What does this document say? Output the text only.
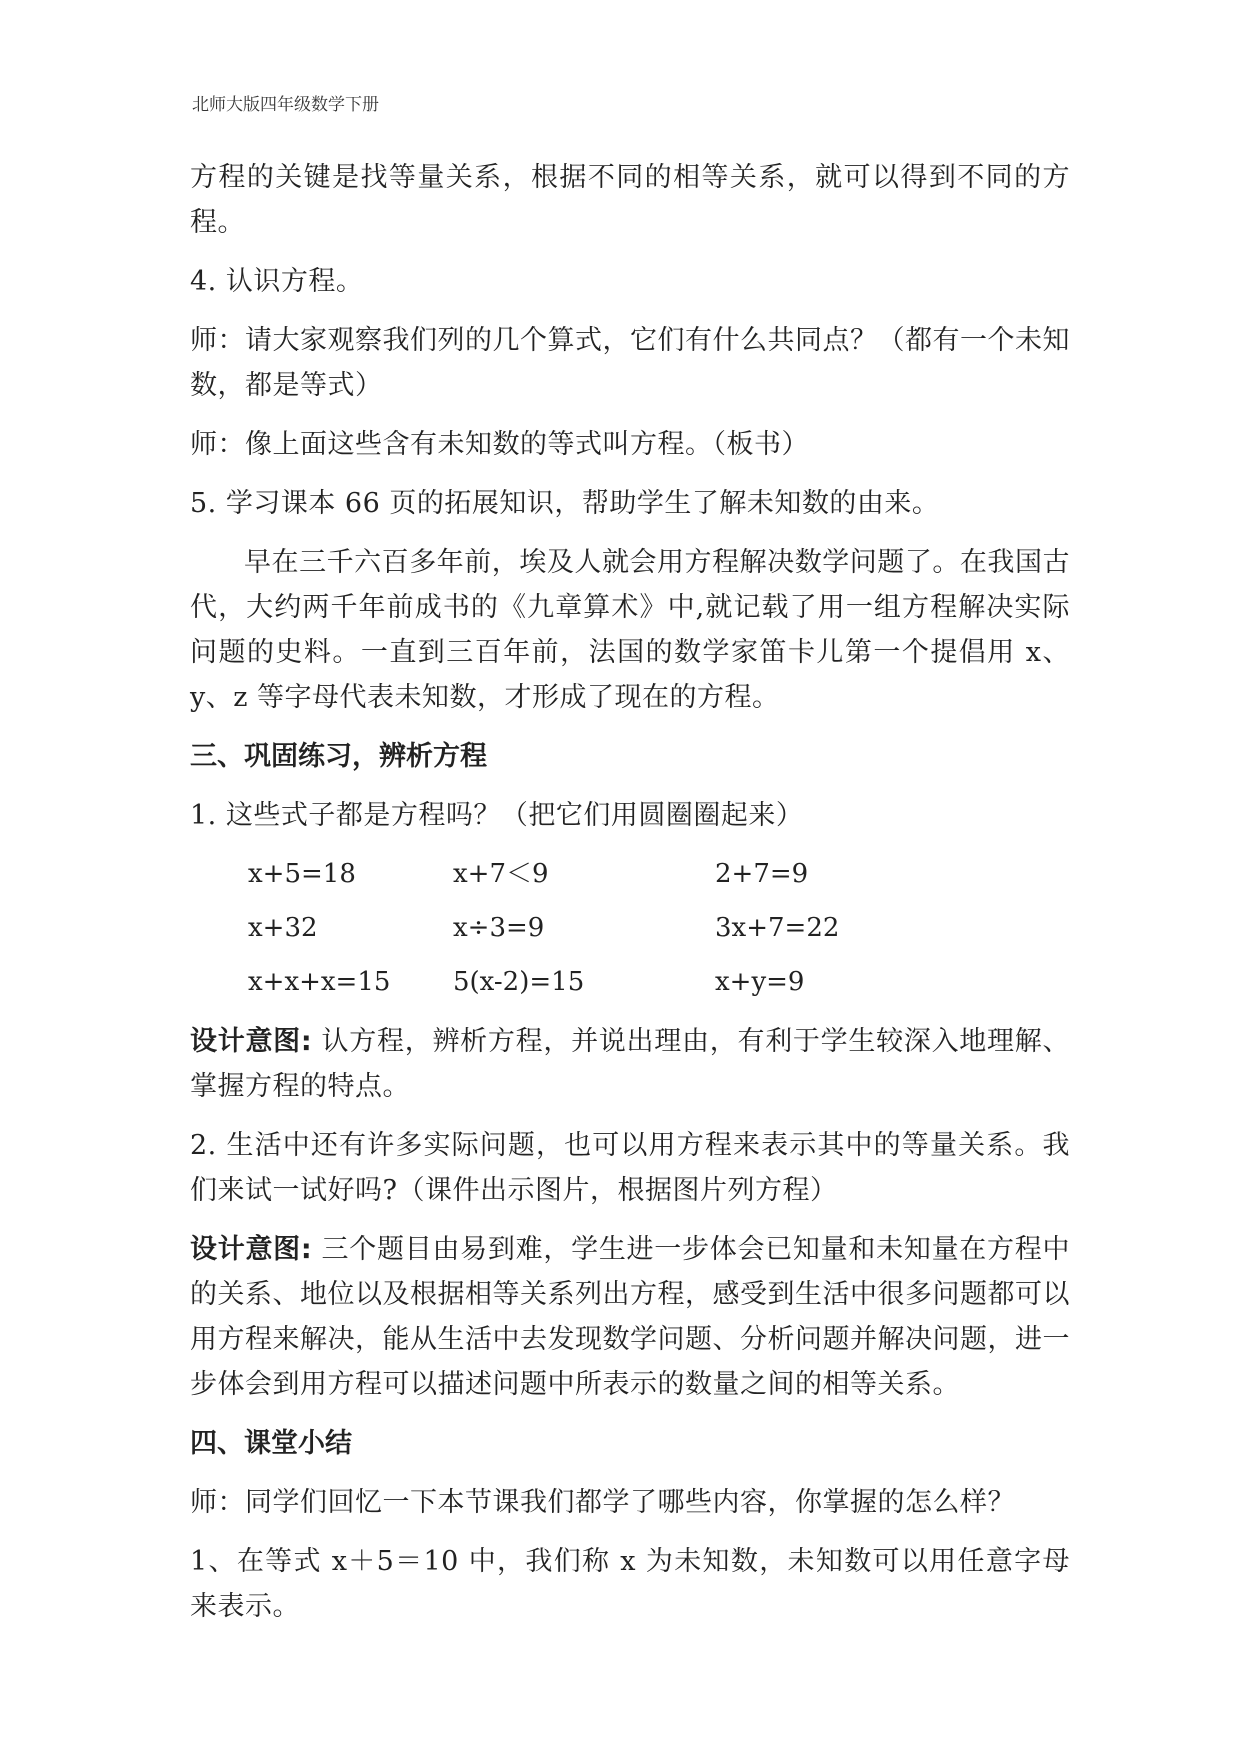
北师大版四年级数学下册

方程的关键是找等量关系，根据不同的相等关系，就可以得到不同的方程。

4. 认识方程。

师：请大家观察我们列的几个算式，它们有什么共同点？（都有一个未知数，都是等式）

师：像上面这些含有未知数的等式叫方程。（板书）

5. 学习课本 66 页的拓展知识，帮助学生了解未知数的由来。

早在三千六百多年前，埃及人就会用方程解决数学问题了。在我国古代，大约两千年前成书的《九章算术》中,就记载了用一组方程解决实际问题的史料。一直到三百年前，法国的数学家笛卡儿第一个提倡用 x、y、z 等字母代表未知数，才形成了现在的方程。

三、巩固练习，辨析方程

1. 这些式子都是方程吗？（把它们用圆圈圈起来）

x+5=18	x+7＜9	2+7=9
x+32	x÷3=9	3x+7=22
x+x+x=15	5(x-2)=15	x+y=9

设计意图: 认方程，辨析方程，并说出理由，有利于学生较深入地理解、掌握方程的特点。

2. 生活中还有许多实际问题，也可以用方程来表示其中的等量关系。我们来试一试好吗?（课件出示图片，根据图片列方程）

设计意图: 三个题目由易到难，学生进一步体会已知量和未知量在方程中的关系、地位以及根据相等关系列出方程，感受到生活中很多问题都可以用方程来解决，能从生活中去发现数学问题、分析问题并解决问题，进一步体会到用方程可以描述问题中所表示的数量之间的相等关系。

四、课堂小结

师：同学们回忆一下本节课我们都学了哪些内容，你掌握的怎么样？

1、在等式 x＋5＝10 中，我们称 x 为未知数，未知数可以用任意字母来表示。
